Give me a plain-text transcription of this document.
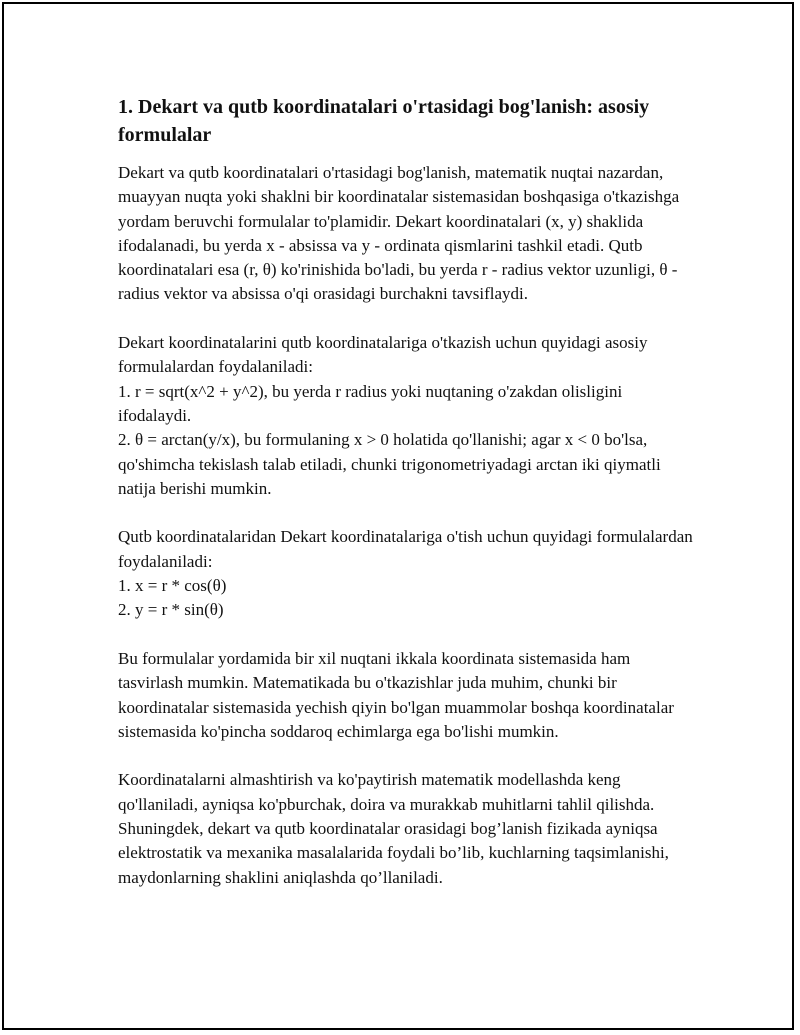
1. Dekart va qutb koordinatalari o'rtasidagi bog'lanish: asosiy formulalar

Dekart va qutb koordinatalari o'rtasidagi bog'lanish, matematik nuqtai nazardan, muayyan nuqta yoki shaklni bir koordinatalar sistemasidan boshqasiga o'tkazishga yordam beruvchi formulalar to'plamidir. Dekart koordinatalari (x, y) shaklida ifodalanadi, bu yerda x - absissa va y - ordinata qismlarini tashkil etadi. Qutb koordinatalari esa (r, θ) ko'rinishida bo'ladi, bu yerda r - radius vektor uzunligi, θ - radius vektor va absissa o'qi orasidagi burchakni tavsiflaydi.

Dekart koordinatalarini qutb koordinatalariga o'tkazish uchun quyidagi asosiy formulalardan foydalaniladi:
1. r = sqrt(x^2 + y^2), bu yerda r radius yoki nuqtaning o'zakdan olisligini ifodalaydi.
2. θ = arctan(y/x), bu formulaning x > 0 holatida qo'llanishi; agar x < 0 bo'lsa, qo'shimcha tekislash talab etiladi, chunki trigonometriyadagi arctan iki qiymatli natija berishi mumkin.

Qutb koordinatalaridan Dekart koordinatalariga o'tish uchun quyidagi formulalardan foydalaniladi:
1. x = r * cos(θ)
2. y = r * sin(θ)

Bu formulalar yordamida bir xil nuqtani ikkala koordinata sistemasida ham tasvirlash mumkin. Matematikada bu o'tkazishlar juda muhim, chunki bir koordinatalar sistemasida yechish qiyin bo'lgan muammolar boshqa koordinatalar sistemasida ko'pincha soddaroq echimlarga ega bo'lishi mumkin.

Koordinatalarni almashtirish va ko'paytirish matematik modellashda keng qo'llaniladi, ayniqsa ko'pburchak, doira va murakkab muhitlarni tahlil qilishda. Shuningdek, dekart va qutb koordinatalar orasidagi bog’lanish fizikada ayniqsa elektrostatik va mexanika masalalarida foydali bo’lib, kuchlarning taqsimlanishi, maydonlarning shaklini aniqlashda qo’llaniladi.
